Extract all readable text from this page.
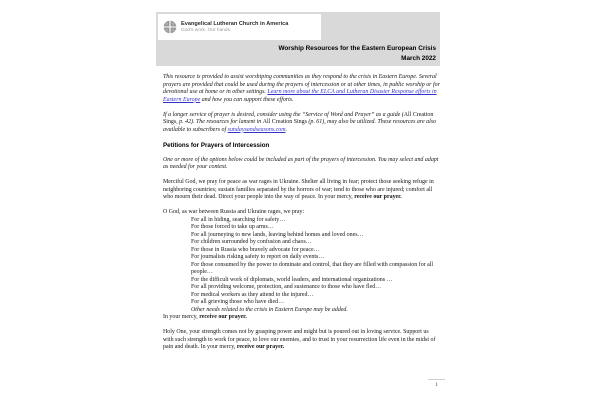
Evangelical Lutheran Church in America
God’s work. Our hands.
Worship Resources for the Eastern European Crisis
March 2022

This resource is provided to assist worshiping communities as they respond to the crisis in Eastern Europe. Several prayers are provided that could be used during the prayers of intercession or at other times, in public worship or for devotional use at home or in other settings. Learn more about the ELCA and Lutheran Disaster Response efforts in Eastern Europe and how you can support these efforts.

If a longer service of prayer is desired, consider using the “Service of Word and Prayer” as a guide (All Creation Sings, p. 42). The resources for lament in All Creation Sings (p. 61), may also be utilized. These resources are also available to subscribers of sundaysandseasons.com.

Petitions for Prayers of Intercession

One or more of the options below could be included as part of the prayers of intercession. You may select and adapt as needed for your context.

Merciful God, we pray for peace as war rages in Ukraine. Shelter all living in fear; protect those seeking refuge in neighboring countries; sustain families separated by the horrors of war; tend to those who are injured; comfort all who mourn their dead. Direct your people into the way of peace. In your mercy, receive our prayer.

O God, as war between Russia and Ukraine rages, we pray:
For all in hiding, searching for safety…
For those forced to take up arms…
For all journeying to new lands, leaving behind homes and loved ones…
For children surrounded by confusion and chaos…
For those in Russia who bravely advocate for peace…
For journalists risking safety to report on daily events…
For those consumed by the power to dominate and control, that they are filled with compassion for all people…
For the difficult work of diplomats, world leaders, and international organizations …
For all providing welcome, protection, and sustenance to those who have fled…
For medical workers as they attend to the injured…
For all grieving those who have died…
Other needs related to the crisis in Eastern Europe may be added.
In your mercy, receive our prayer.

Holy One, your strength comes not by grasping power and might but is poured out in loving service. Support us with such strength to work for peace, to love our enemies, and to trust in your resurrection life even in the midst of pain and death. In your mercy, receive our prayer.

1
